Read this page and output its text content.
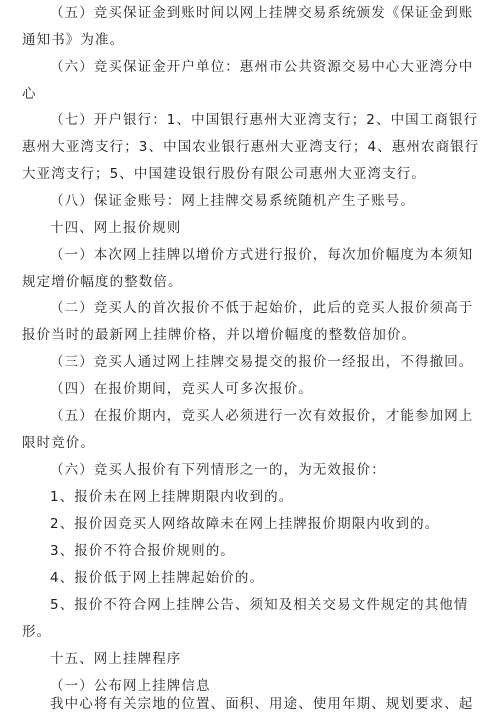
（五）竞买保证金到账时间以网上挂牌交易系统颁发《保证金到账
通知书》为准。
（六）竞买保证金开户单位：惠州市公共资源交易中心大亚湾分中
心
（七）开户银行：1、中国银行惠州大亚湾支行；2、中国工商银行
惠州大亚湾支行；3、中国农业银行惠州大亚湾支行；4、惠州农商银行
大亚湾支行；5、中国建设银行股份有限公司惠州大亚湾支行。
（八）保证金账号：网上挂牌交易系统随机产生子账号。
十四、网上报价规则
（一）本次网上挂牌以增价方式进行报价，每次加价幅度为本须知
规定增价幅度的整数倍。
（二）竞买人的首次报价不低于起始价，此后的竞买人报价须高于
报价当时的最新网上挂牌价格，并以增价幅度的整数倍加价。
（三）竞买人通过网上挂牌交易提交的报价一经报出，不得撤回。
（四）在报价期间，竞买人可多次报价。
（五）在报价期内，竞买人必须进行一次有效报价，才能参加网上
限时竞价。
（六）竞买人报价有下列情形之一的，为无效报价：
1、报价未在网上挂牌期限内收到的。
2、报价因竞买人网络故障未在网上挂牌报价期限内收到的。
3、报价不符合报价规则的。
4、报价低于网上挂牌起始价的。
5、报价不符合网上挂牌公告、须知及相关交易文件规定的其他情
形。
十五、网上挂牌程序
（一）公布网上挂牌信息
我中心将有关宗地的位置、面积、用途、使用年期、规划要求、起
